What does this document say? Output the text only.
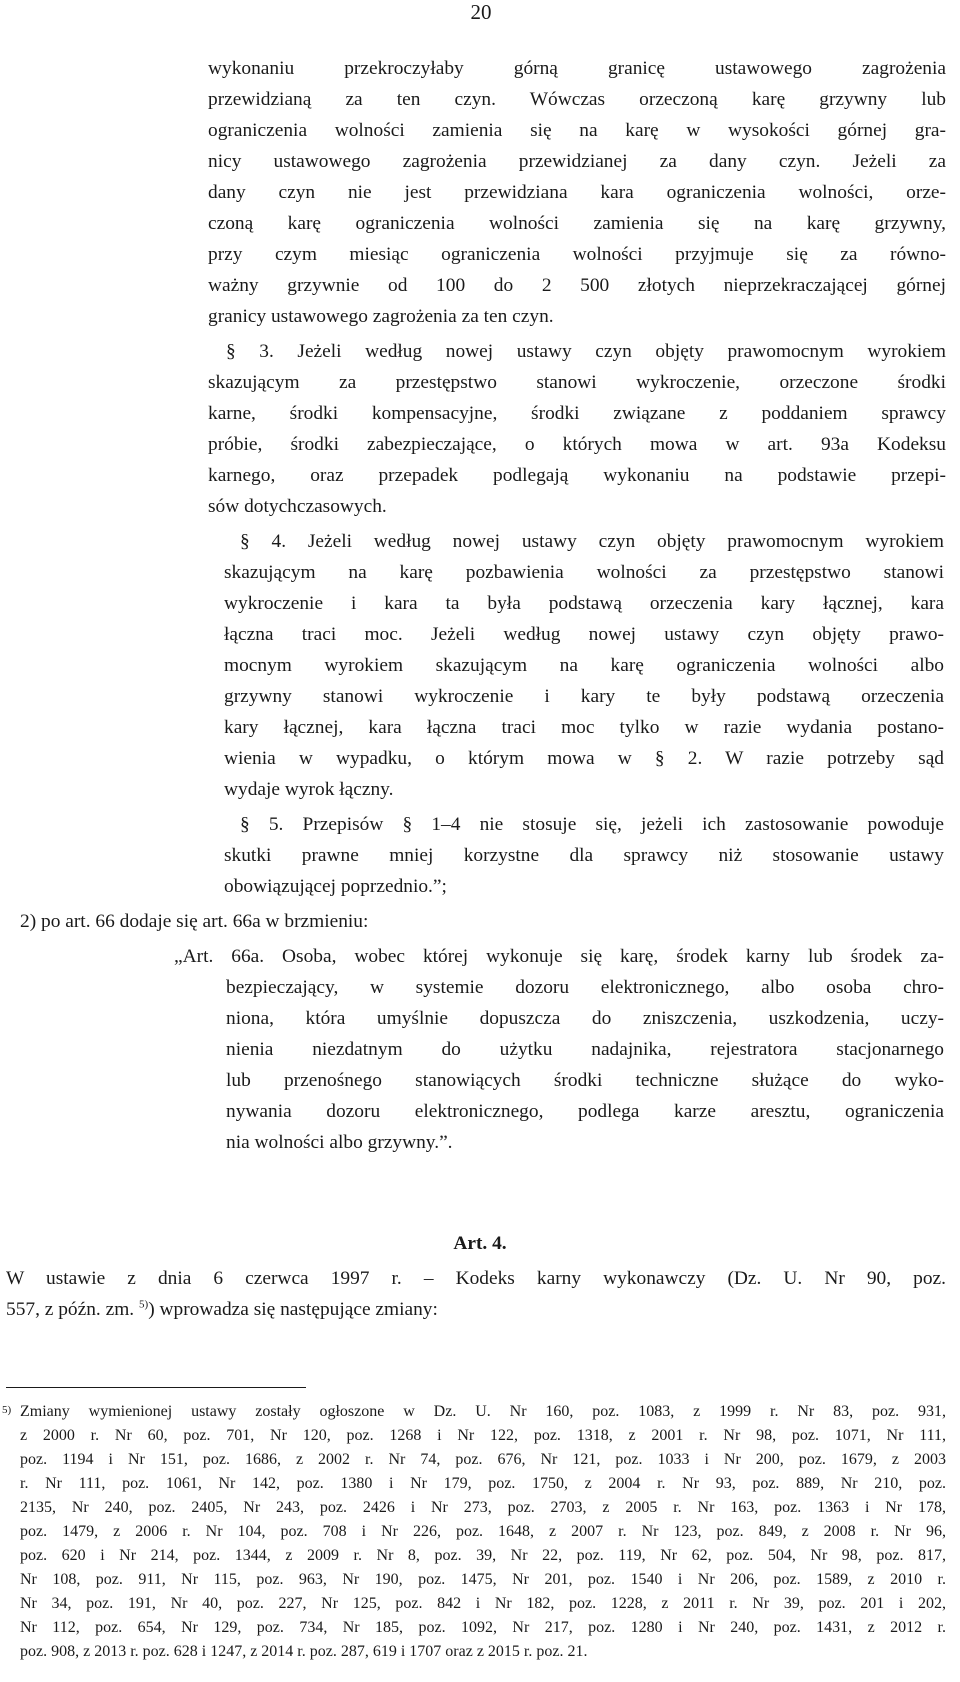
20
wykonaniu przekroczyłaby górną granicę ustawowego zagrożenia
przewidzianą za ten czyn. Wówczas orzeczoną karę grzywny lub
ograniczenia wolności zamienia się na karę w wysokości górnej gra-
nicy ustawowego zagrożenia przewidzianej za dany czyn. Jeżeli za
dany czyn nie jest przewidziana kara ograniczenia wolności, orze-
czoną karę ograniczenia wolności zamienia się na karę grzywny,
przy czym miesiąc ograniczenia wolności przyjmuje się za równo-
ważny grzywnie od 100 do 2 500 złotych nieprzekraczającej górnej
granicy ustawowego zagrożenia za ten czyn.
§ 3. Jeżeli według nowej ustawy czyn objęty prawomocnym wyrokiem
skazującym za przestępstwo stanowi wykroczenie, orzeczone środki
karne, środki kompensacyjne, środki związane z poddaniem sprawcy
próbie, środki zabezpieczające, o których mowa w art. 93a Kodeksu
karnego, oraz przepadek podlegają wykonaniu na podstawie przepi-
sów dotychczasowych.
§ 4. Jeżeli według nowej ustawy czyn objęty prawomocnym wyrokiem
skazującym na karę pozbawienia wolności za przestępstwo stanowi
wykroczenie i kara ta była podstawą orzeczenia kary łącznej, kara
łączna traci moc. Jeżeli według nowej ustawy czyn objęty prawo-
mocnym wyrokiem skazującym na karę ograniczenia wolności albo
grzywny stanowi wykroczenie i kary te były podstawą orzeczenia
kary łącznej, kara łączna traci moc tylko w razie wydania postano-
wienia w wypadku, o którym mowa w § 2. W razie potrzeby sąd
wydaje wyrok łączny.
§ 5. Przepisów § 1–4 nie stosuje się, jeżeli ich zastosowanie powoduje
skutki prawne mniej korzystne dla sprawcy niż stosowanie ustawy
obowiązującej poprzednio.”;
2) po art. 66 dodaje się art. 66a w brzmieniu:
„Art. 66a. Osoba, wobec której wykonuje się karę, środek karny lub środek za-
bezpieczający, w systemie dozoru elektronicznego, albo osoba chro-
niona, która umyślnie dopuszcza do zniszczenia, uszkodzenia, uczy-
nienia niezdatnym do użytku nadajnika, rejestratora stacjonarnego
lub przenośnego stanowiących środki techniczne służące do wyko-
nywania dozoru elektronicznego, podlega karze aresztu, ograniczenia
nia wolności albo grzywny.”.
Art. 4.
W ustawie z dnia 6 czerwca 1997 r. – Kodeks karny wykonawczy (Dz. U. Nr 90, poz.
557, z późn. zm. $^{5)}$) wprowadza się następujące zmiany:
5) Zmiany wymienionej ustawy zostały ogłoszone w Dz. U. Nr 160, poz. 1083, z 1999 r. Nr 83, poz. 931,
z 2000 r. Nr 60, poz. 701, Nr 120, poz. 1268 i Nr 122, poz. 1318, z 2001 r. Nr 98, poz. 1071, Nr 111,
poz. 1194 i Nr 151, poz. 1686, z 2002 r. Nr 74, poz. 676, Nr 121, poz. 1033 i Nr 200, poz. 1679, z 2003
r. Nr 111, poz. 1061, Nr 142, poz. 1380 i Nr 179, poz. 1750, z 2004 r. Nr 93, poz. 889, Nr 210, poz.
2135, Nr 240, poz. 2405, Nr 243, poz. 2426 i Nr 273, poz. 2703, z 2005 r. Nr 163, poz. 1363 i Nr 178,
poz. 1479, z 2006 r. Nr 104, poz. 708 i Nr 226, poz. 1648, z 2007 r. Nr 123, poz. 849, z 2008 r. Nr 96,
poz. 620 i Nr 214, poz. 1344, z 2009 r. Nr 8, poz. 39, Nr 22, poz. 119, Nr 62, poz. 504, Nr 98, poz. 817,
Nr 108, poz. 911, Nr 115, poz. 963, Nr 190, poz. 1475, Nr 201, poz. 1540 i Nr 206, poz. 1589, z 2010 r.
Nr 34, poz. 191, Nr 40, poz. 227, Nr 125, poz. 842 i Nr 182, poz. 1228, z 2011 r. Nr 39, poz. 201 i 202,
Nr 112, poz. 654, Nr 129, poz. 734, Nr 185, poz. 1092, Nr 217, poz. 1280 i Nr 240, poz. 1431, z 2012 r.
poz. 908, z 2013 r. poz. 628 i 1247, z 2014 r. poz. 287, 619 i 1707 oraz z 2015 r. poz. 21.
